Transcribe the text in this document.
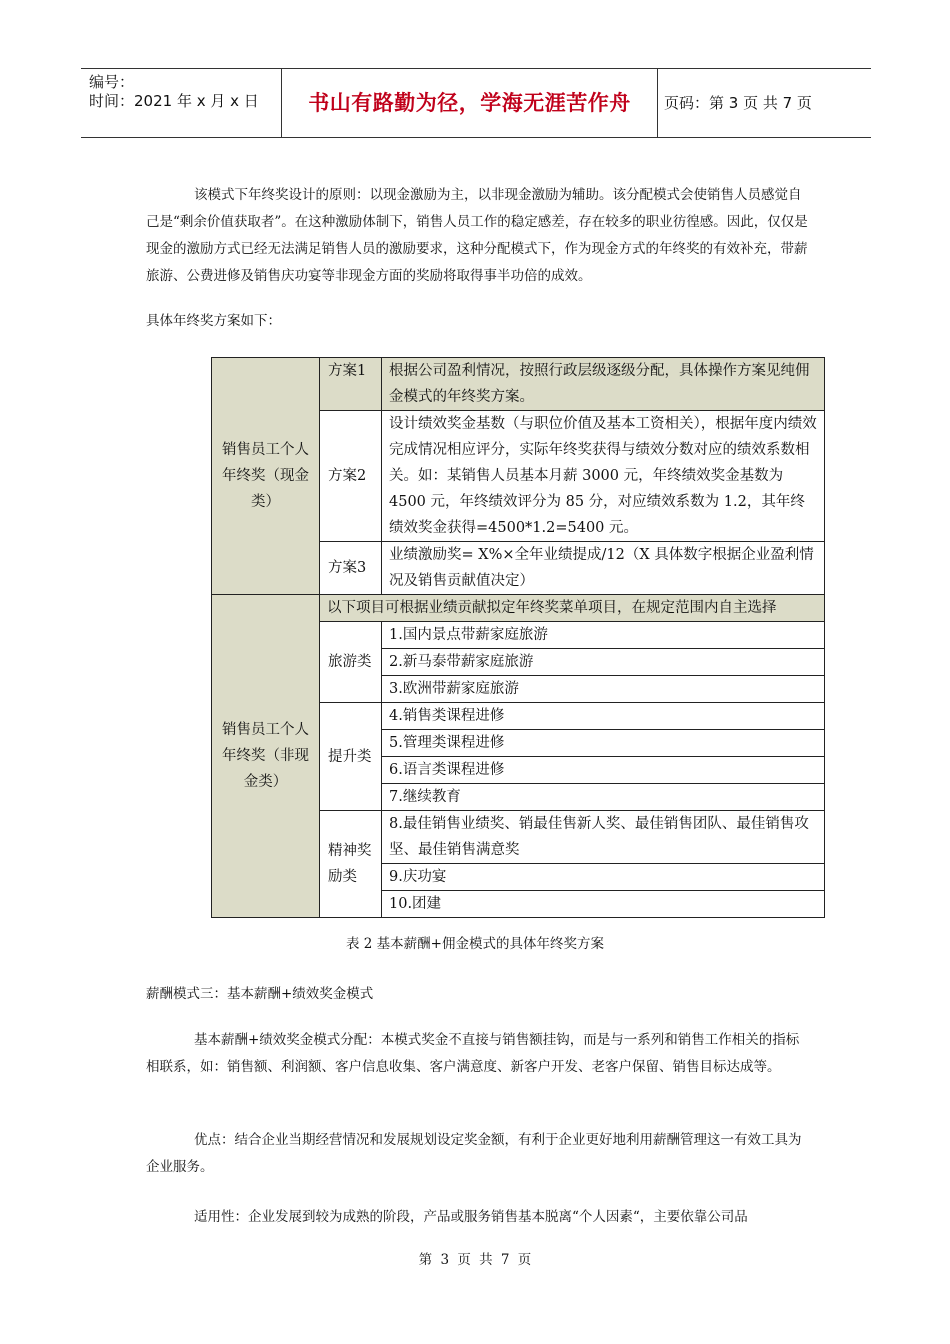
编号：
时间：2021 年 x 月 x 日	书山有路勤为径，学海无涯苦作舟	页码：第 3 页 共 7 页

该模式下年终奖设计的原则：以现金激励为主，以非现金激励为辅助。该分配模式会使销售人员感觉自己是“剩余价值获取者”。在这种激励体制下，销售人员工作的稳定感差，存在较多的职业彷徨感。因此，仅仅是现金的激励方式已经无法满足销售人员的激励要求，这种分配模式下，作为现金方式的年终奖的有效补充，带薪旅游、公费进修及销售庆功宴等非现金方面的奖励将取得事半功倍的成效。

具体年终奖方案如下：

销售员工个人年终奖（现金类）	方案1	根据公司盈利情况，按照行政层级逐级分配，具体操作方案见纯佣金模式的年终奖方案。
	方案2	设计绩效奖金基数（与职位价值及基本工资相关），根据年度内绩效完成情况相应评分，实际年终奖获得与绩效分数对应的绩效系数相关。如：某销售人员基本月薪 3000 元，年终绩效奖金基数为 4500 元，年终绩效评分为 85 分，对应绩效系数为 1.2，其年终绩效奖金获得=4500*1.2=5400 元。
	方案3	业绩激励奖= X%×全年业绩提成/12（X 具体数字根据企业盈利情况及销售贡献值决定）
销售员工个人年终奖（非现金类）	以下项目可根据业绩贡献拟定年终奖菜单项目，在规定范围内自主选择	
	旅游类	1.国内景点带薪家庭旅游
		2.新马泰带薪家庭旅游
		3.欧洲带薪家庭旅游
	提升类	4.销售类课程进修
		5.管理类课程进修
		6.语言类课程进修
		7.继续教育
	精神奖励类	8.最佳销售业绩奖、销最佳售新人奖、最佳销售团队、最佳销售攻坚、最佳销售满意奖
		9.庆功宴
		10.团建
表 2 基本薪酬+佣金模式的具体年终奖方案

薪酬模式三：基本薪酬+绩效奖金模式

基本薪酬+绩效奖金模式分配：本模式奖金不直接与销售额挂钩，而是与一系列和销售工作相关的指标相联系，如：销售额、利润额、客户信息收集、客户满意度、新客户开发、老客户保留、销售目标达成等。

优点：结合企业当期经营情况和发展规划设定奖金额，有利于企业更好地利用薪酬管理这一有效工具为企业服务。

适用性：企业发展到较为成熟的阶段，产品或服务销售基本脱离“个人因素“，主要依靠公司品

第 3 页 共 7 页
